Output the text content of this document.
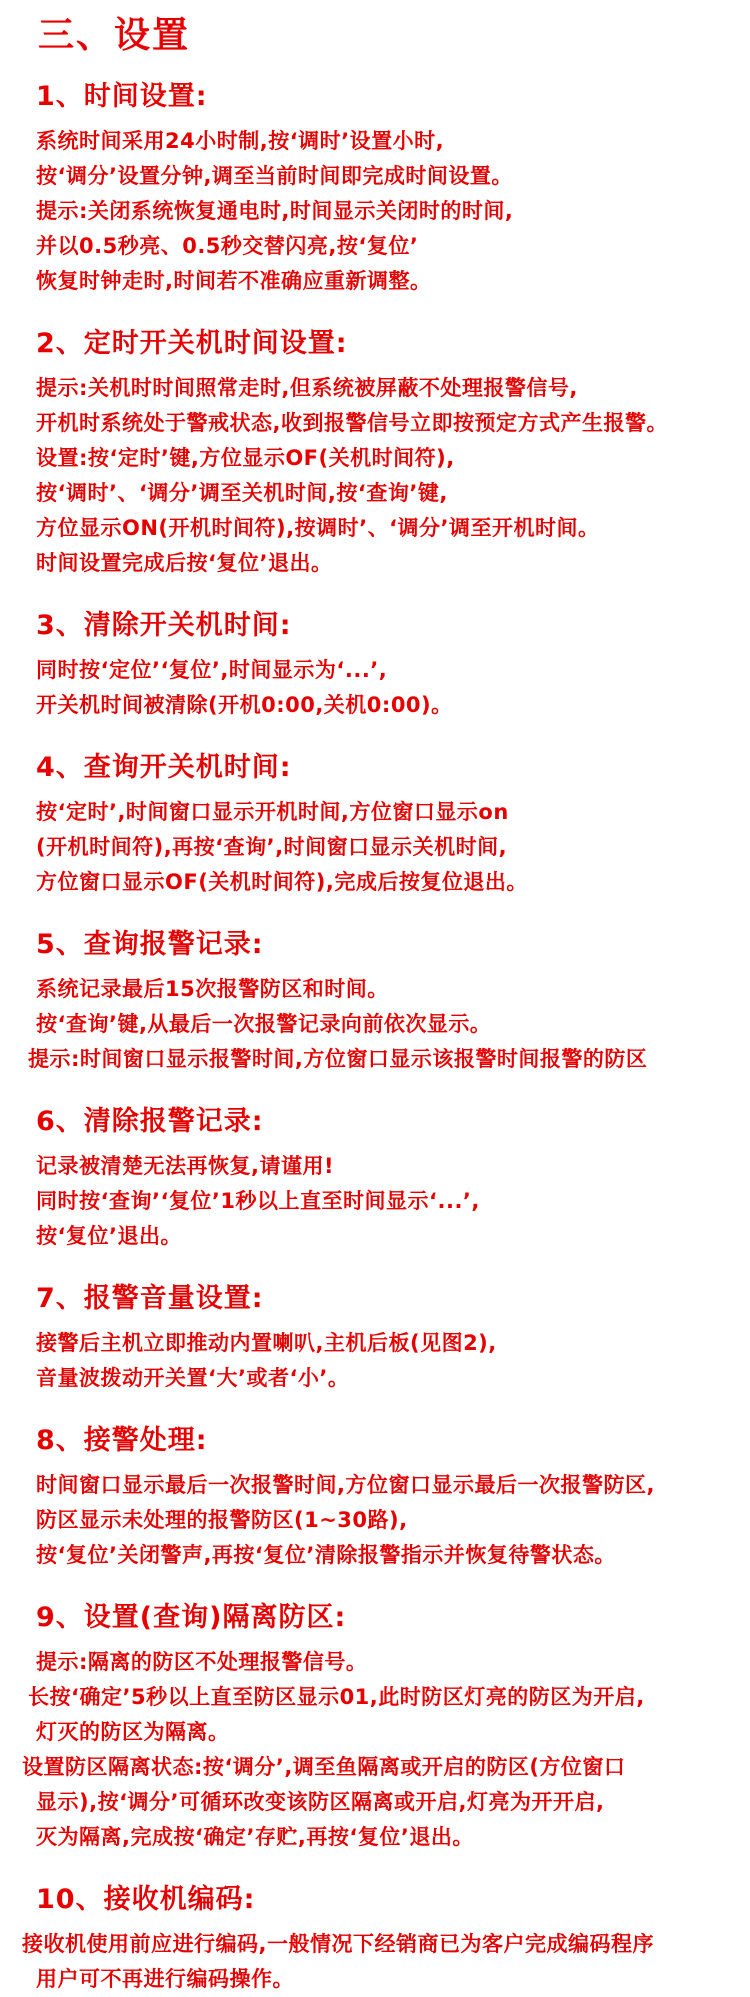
三、设置
1、时间设置:
系统时间采用24小时制,按‘调时’设置小时,
按‘调分’设置分钟,调至当前时间即完成时间设置。
提示:关闭系统恢复通电时,时间显示关闭时的时间,
并以0.5秒亮、0.5秒交替闪亮,按‘复位’
恢复时钟走时,时间若不准确应重新调整。
2、定时开关机时间设置:
提示:关机时时间照常走时,但系统被屏蔽不处理报警信号,
开机时系统处于警戒状态,收到报警信号立即按预定方式产生报警。
设置:按‘定时’键,方位显示OF(关机时间符),
按‘调时’、‘调分’调至关机时间,按‘查询’键,
方位显示ON(开机时间符),按调时’、‘调分’调至开机时间。
时间设置完成后按‘复位’退出。
3、清除开关机时间:
同时按‘定位’‘复位’,时间显示为‘...’,
开关机时间被清除(开机0:00,关机0:00)。
4、查询开关机时间:
按‘定时’,时间窗口显示开机时间,方位窗口显示on
(开机时间符),再按‘查询’,时间窗口显示关机时间,
方位窗口显示OF(关机时间符),完成后按复位退出。
5、查询报警记录:
系统记录最后15次报警防区和时间。
按‘查询’键,从最后一次报警记录向前依次显示。
提示:时间窗口显示报警时间,方位窗口显示该报警时间报警的防区
6、清除报警记录:
记录被清楚无法再恢复,请谨用!
同时按‘查询’‘复位’1秒以上直至时间显示‘...’,
按‘复位’退出。
7、报警音量设置:
接警后主机立即推动内置喇叭,主机后板(见图2),
音量波拨动开关置‘大’或者‘小’。
8、接警处理:
时间窗口显示最后一次报警时间,方位窗口显示最后一次报警防区,
防区显示未处理的报警防区(1~30路),
按‘复位’关闭警声,再按‘复位’清除报警指示并恢复待警状态。
9、设置(查询)隔离防区:
提示:隔离的防区不处理报警信号。
长按‘确定’5秒以上直至防区显示01,此时防区灯亮的防区为开启,
灯灭的防区为隔离。
设置防区隔离状态:按‘调分’,调至鱼隔离或开启的防区(方位窗口
显示),按‘调分’可循环改变该防区隔离或开启,灯亮为开开启,
灭为隔离,完成按‘确定’存贮,再按‘复位’退出。
10、接收机编码:
接收机使用前应进行编码,一般情况下经销商已为客户完成编码程序
用户可不再进行编码操作。
